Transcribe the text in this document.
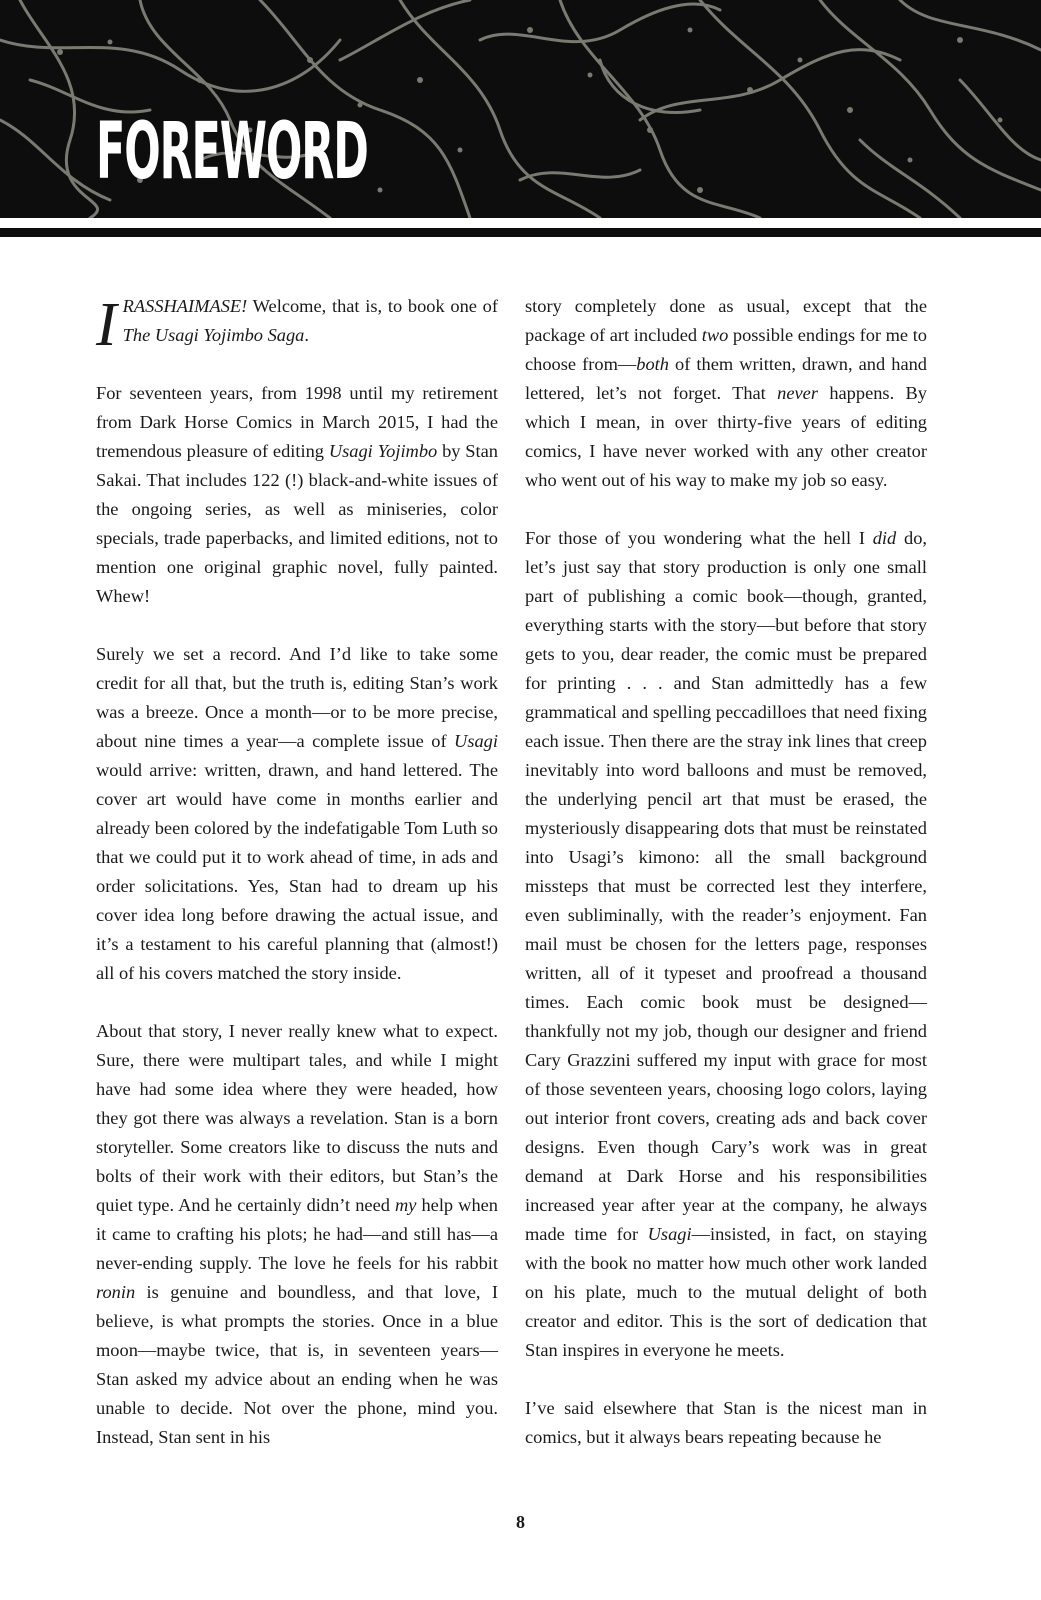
FOREWORD

IRASSHAIMASE! Welcome, that is, to book one of The Usagi Yojimbo Saga.

For seventeen years, from 1998 until my retirement from Dark Horse Comics in March 2015, I had the tremendous pleasure of editing Usagi Yojimbo by Stan Sakai. That includes 122 (!) black-and-white issues of the ongoing series, as well as miniseries, color specials, trade paperbacks, and limited editions, not to mention one original graphic novel, fully painted. Whew!

Surely we set a record. And I’d like to take some credit for all that, but the truth is, editing Stan’s work was a breeze. Once a month—or to be more precise, about nine times a year—a complete issue of Usagi would arrive: written, drawn, and hand lettered. The cover art would have come in months earlier and already been colored by the indefatigable Tom Luth so that we could put it to work ahead of time, in ads and order solicitations. Yes, Stan had to dream up his cover idea long before drawing the actual issue, and it’s a testament to his careful planning that (almost!) all of his covers matched the story inside.

About that story, I never really knew what to expect. Sure, there were multipart tales, and while I might have had some idea where they were headed, how they got there was always a revelation. Stan is a born storyteller. Some creators like to discuss the nuts and bolts of their work with their editors, but Stan’s the quiet type. And he certainly didn’t need my help when it came to crafting his plots; he had—and still has—a never-ending supply. The love he feels for his rabbit ronin is genuine and boundless, and that love, I believe, is what prompts the stories. Once in a blue moon—maybe twice, that is, in seventeen years—Stan asked my advice about an ending when he was unable to decide. Not over the phone, mind you. Instead, Stan sent in his

story completely done as usual, except that the package of art included two possible endings for me to choose from—both of them written, drawn, and hand lettered, let’s not forget. That never happens. By which I mean, in over thirty-five years of editing comics, I have never worked with any other creator who went out of his way to make my job so easy.

For those of you wondering what the hell I did do, let’s just say that story production is only one small part of publishing a comic book—though, granted, everything starts with the story—but before that story gets to you, dear reader, the comic must be prepared for printing . . . and Stan admittedly has a few grammatical and spelling peccadilloes that need fixing each issue. Then there are the stray ink lines that creep inevitably into word balloons and must be removed, the underlying pencil art that must be erased, the mysteriously disappearing dots that must be reinstated into Usagi’s kimono: all the small background missteps that must be corrected lest they interfere, even subliminally, with the reader’s enjoyment. Fan mail must be chosen for the letters page, responses written, all of it typeset and proofread a thousand times. Each comic book must be designed—thankfully not my job, though our designer and friend Cary Grazzini suffered my input with grace for most of those seventeen years, choosing logo colors, laying out interior front covers, creating ads and back cover designs. Even though Cary’s work was in great demand at Dark Horse and his responsibilities increased year after year at the company, he always made time for Usagi—insisted, in fact, on staying with the book no matter how much other work landed on his plate, much to the mutual delight of both creator and editor. This is the sort of dedication that Stan inspires in everyone he meets.

I’ve said elsewhere that Stan is the nicest man in comics, but it always bears repeating because he

8
